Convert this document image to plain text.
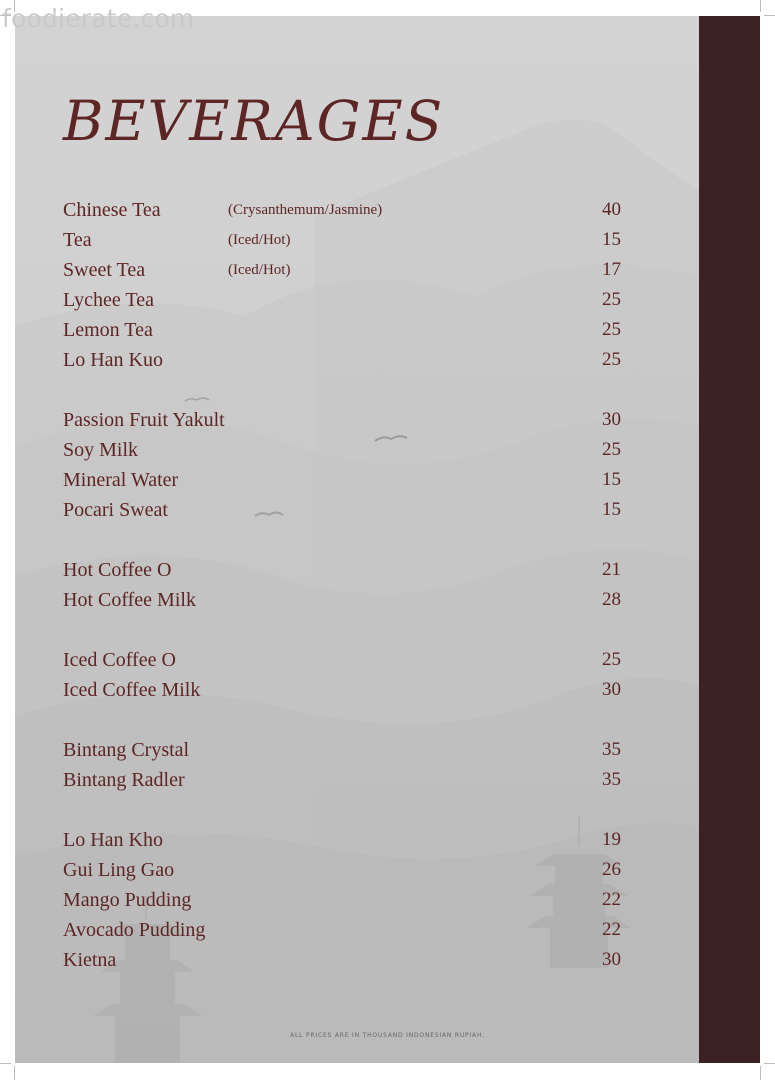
foodierate.com
BEVERAGES
Chinese Tea	(Crysanthemum/Jasmine)	40
Tea	(Iced/Hot)	15
Sweet Tea	(Iced/Hot)	17
Lychee Tea	25
Lemon Tea	25
Lo Han Kuo	25
Passion Fruit Yakult	30
Soy Milk	25
Mineral Water	15
Pocari Sweat	15
Hot Coffee O	21
Hot Coffee Milk	28
Iced Coffee O	25
Iced Coffee Milk	30
Bintang Crystal	35
Bintang Radler	35
Lo Han Kho	19
Gui Ling Gao	26
Mango Pudding	22
Avocado Pudding	22
Kietna	30
ALL PRICES ARE IN THOUSAND INDONESIAN RUPIAH.
